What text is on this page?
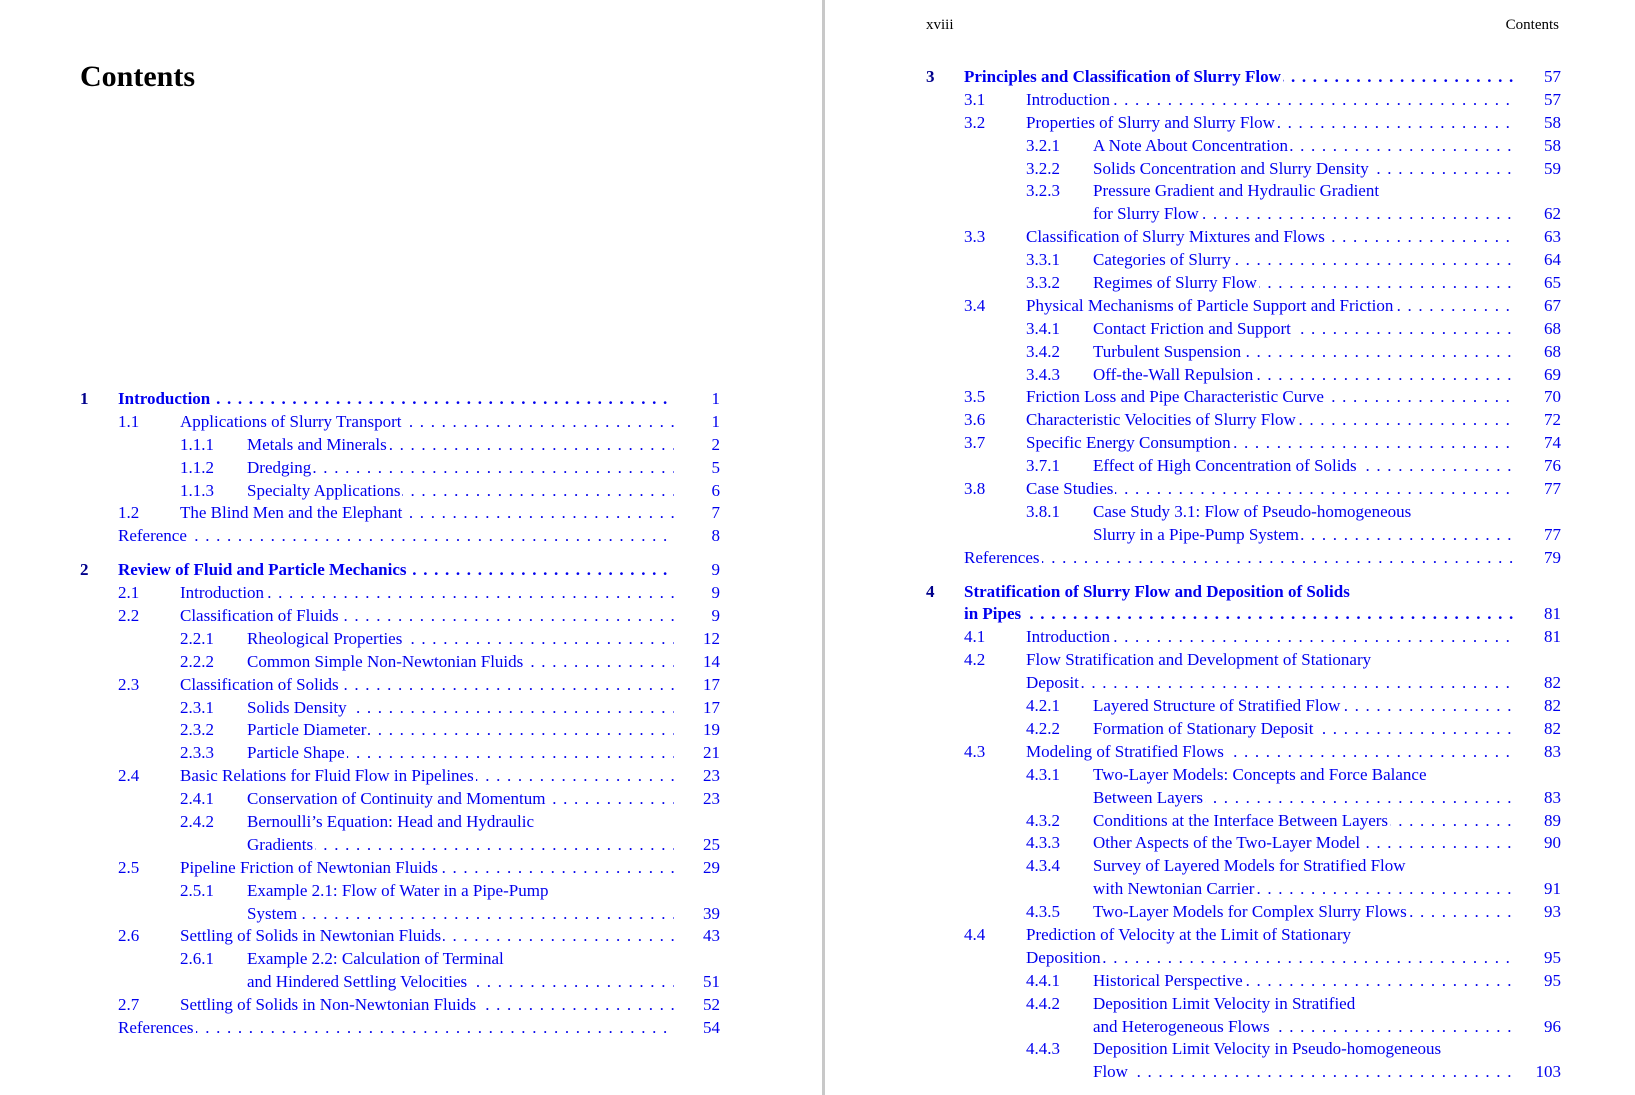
Contents
1 Introduction . . .	1
1.1 Applications of Slurry Transport . . .	1
1.1.1 Metals and Minerals . . .	2
1.1.2 Dredging . . .	5
1.1.3 Specialty Applications . . .	6
1.2 The Blind Men and the Elephant . . .	7
Reference . . .	8
2 Review of Fluid and Particle Mechanics . . .	9
2.1 Introduction . . .	9
2.2 Classification of Fluids . . .	9
2.2.1 Rheological Properties . . .	12
2.2.2 Common Simple Non-Newtonian Fluids . . .	14
2.3 Classification of Solids . . .	17
2.3.1 Solids Density . . .	17
2.3.2 Particle Diameter . . .	19
2.3.3 Particle Shape . . .	21
2.4 Basic Relations for Fluid Flow in Pipelines . . .	23
2.4.1 Conservation of Continuity and Momentum . . .	23
2.4.2 Bernoulli’s Equation: Head and Hydraulic
Gradients . . .	25
2.5 Pipeline Friction of Newtonian Fluids . . .	29
2.5.1 Example 2.1: Flow of Water in a Pipe-Pump
System . . .	39
2.6 Settling of Solids in Newtonian Fluids . . .	43
2.6.1 Example 2.2: Calculation of Terminal
and Hindered Settling Velocities . . .	51
2.7 Settling of Solids in Non-Newtonian Fluids . . .	52
References . . .	54
xviii	Contents
3 Principles and Classification of Slurry Flow . . .	57
3.1 Introduction . . .	57
3.2 Properties of Slurry and Slurry Flow . . .	58
3.2.1 A Note About Concentration . . .	58
3.2.2 Solids Concentration and Slurry Density . . .	59
3.2.3 Pressure Gradient and Hydraulic Gradient
for Slurry Flow . . .	62
3.3 Classification of Slurry Mixtures and Flows . . .	63
3.3.1 Categories of Slurry . . .	64
3.3.2 Regimes of Slurry Flow . . .	65
3.4 Physical Mechanisms of Particle Support and Friction . . .	67
3.4.1 Contact Friction and Support . . .	68
3.4.2 Turbulent Suspension . . .	68
3.4.3 Off-the-Wall Repulsion . . .	69
3.5 Friction Loss and Pipe Characteristic Curve . . .	70
3.6 Characteristic Velocities of Slurry Flow . . .	72
3.7 Specific Energy Consumption . . .	74
3.7.1 Effect of High Concentration of Solids . . .	76
3.8 Case Studies . . .	77
3.8.1 Case Study 3.1: Flow of Pseudo-homogeneous
Slurry in a Pipe-Pump System . . .	77
References . . .	79
4 Stratification of Slurry Flow and Deposition of Solids
in Pipes . . .	81
4.1 Introduction . . .	81
4.2 Flow Stratification and Development of Stationary
Deposit . . .	82
4.2.1 Layered Structure of Stratified Flow . . .	82
4.2.2 Formation of Stationary Deposit . . .	82
4.3 Modeling of Stratified Flows . . .	83
4.3.1 Two-Layer Models: Concepts and Force Balance
Between Layers . . .	83
4.3.2 Conditions at the Interface Between Layers . . .	89
4.3.3 Other Aspects of the Two-Layer Model . . .	90
4.3.4 Survey of Layered Models for Stratified Flow
with Newtonian Carrier . . .	91
4.3.5 Two-Layer Models for Complex Slurry Flows . . .	93
4.4 Prediction of Velocity at the Limit of Stationary
Deposition . . .	95
4.4.1 Historical Perspective . . .	95
4.4.2 Deposition Limit Velocity in Stratified
and Heterogeneous Flows . . .	96
4.4.3 Deposition Limit Velocity in Pseudo-homogeneous
Flow . . .	103
